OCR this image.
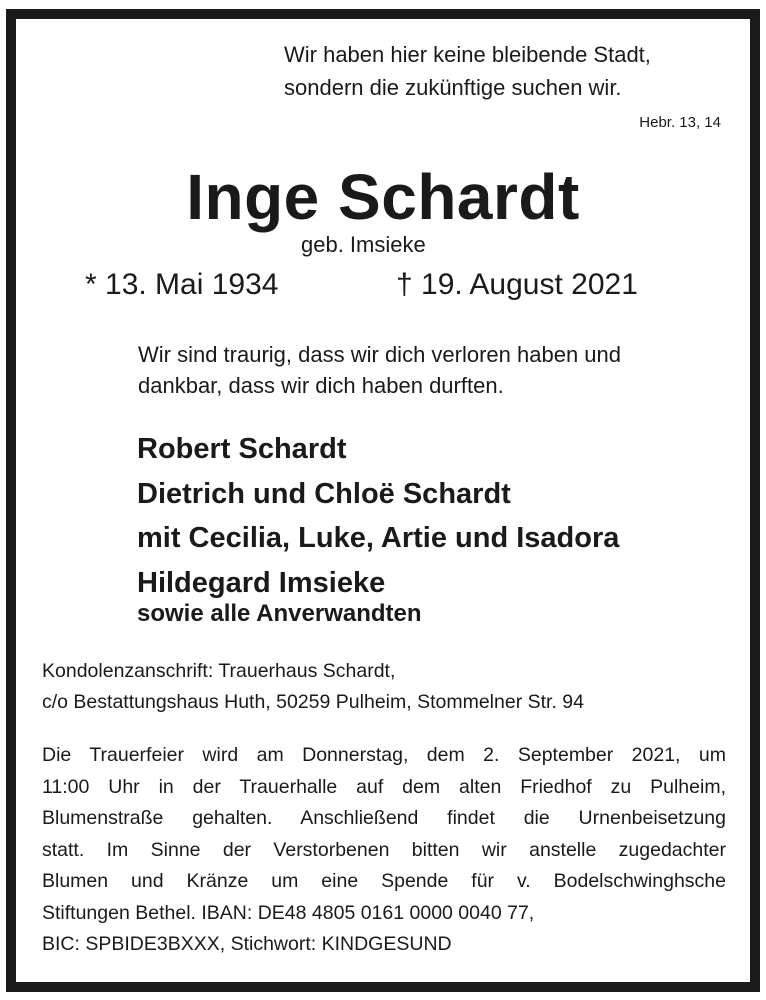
Wir haben hier keine bleibende Stadt,
sondern die zukünftige suchen wir.
Hebr. 13, 14
Inge Schardt
geb. Imsieke
* 13. Mai 1934	† 19. August 2021
Wir sind traurig, dass wir dich verloren haben und
dankbar, dass wir dich haben durften.
Robert Schardt
Dietrich und Chloë Schardt
mit Cecilia, Luke, Artie und Isadora
Hildegard Imsieke
sowie alle Anverwandten
Kondolenzanschrift: Trauerhaus Schardt,
c/o Bestattungshaus Huth, 50259 Pulheim, Stommelner Str. 94
Die Trauerfeier wird am Donnerstag, dem 2. September 2021, um
11:00 Uhr in der Trauerhalle auf dem alten Friedhof zu Pulheim,
Blumenstraße gehalten. Anschließend findet die Urnenbeisetzung
statt. Im Sinne der Verstorbenen bitten wir anstelle zugedachter
Blumen und Kränze um eine Spende für v. Bodelschwinghsche
Stiftungen Bethel. IBAN: DE48 4805 0161 0000 0040 77,
BIC: SPBIDE3BXXX, Stichwort: KINDGESUND
